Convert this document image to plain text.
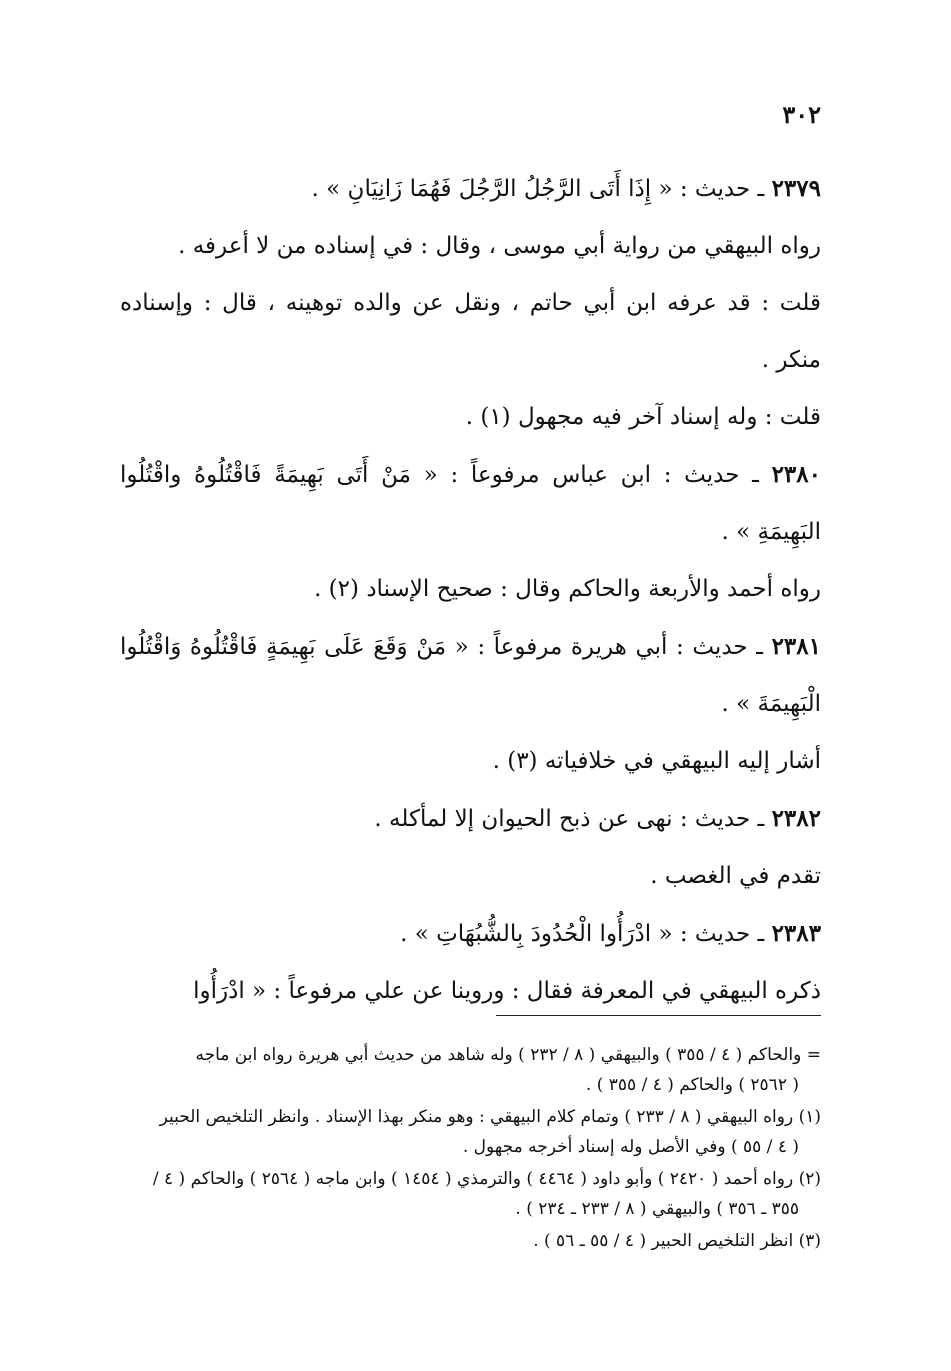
٣٠٢

٢٣٧٩ ـ حديث : « إِذَا أَتَى الرَّجُلُ الرَّجُلَ فَهُمَا زَانِيَانِ » .

رواه البيهقي من رواية أبي موسى ، وقال : في إسناده من لا أعرفه .

قلت : قد عرفه ابن أبي حاتم ، ونقل عن والده توهينه ، قال : وإسناده منكر .

قلت : وله إسناد آخر فيه مجهول (١) .

٢٣٨٠ ـ حديث : ابن عباس مرفوعاً : « مَنْ أَتَى بَهِيمَةً فَاقْتُلُوهُ واقْتُلُوا البَهِيمَةِ » .

رواه أحمد والأربعة والحاكم وقال : صحيح الإسناد (٢) .

٢٣٨١ ـ حديث : أبي هريرة مرفوعاً : « مَنْ وَقَعَ عَلَى بَهِيمَةٍ فَاقْتُلُوهُ وَاقْتُلُوا الْبَهِيمَةَ » .

أشار إليه البيهقي في خلافياته (٣) .

٢٣٨٢ ـ حديث : نهى عن ذبح الحيوان إلا لمأكله .

تقدم في الغصب .

٢٣٨٣ ـ حديث : « ادْرَأُوا الْحُدُودَ بِالشُّبُهَاتِ » .

ذكره البيهقي في المعرفة فقال : وروينا عن علي مرفوعاً : « ادْرَأُوا

= والحاكم ( ٤ / ٣٥٥ ) والبيهقي ( ٨ / ٢٣٢ ) وله شاهد من حديث أبي هريرة رواه ابن ماجه
( ٢٥٦٢ ) والحاكم ( ٤ / ٣٥٥ ) .

(١) رواه البيهقي ( ٨ / ٢٣٣ ) وتمام كلام البيهقي : وهو منكر بهذا الإسناد . وانظر التلخيص الحبير
( ٤ / ٥٥ ) وفي الأصل وله إسناد أخرجه مجهول .

(٢) رواه أحمد ( ٢٤٢٠ ) وأبو داود ( ٤٤٦٤ ) والترمذي ( ١٤٥٤ ) وابن ماجه ( ٢٥٦٤ ) والحاكم ( ٤ /
٣٥٥ ـ ٣٥٦ ) والبيهقي ( ٨ / ٢٣٣ ـ ٢٣٤ ) .

(٣) انظر التلخيص الحبير ( ٤ / ٥٥ ـ ٥٦ ) .
